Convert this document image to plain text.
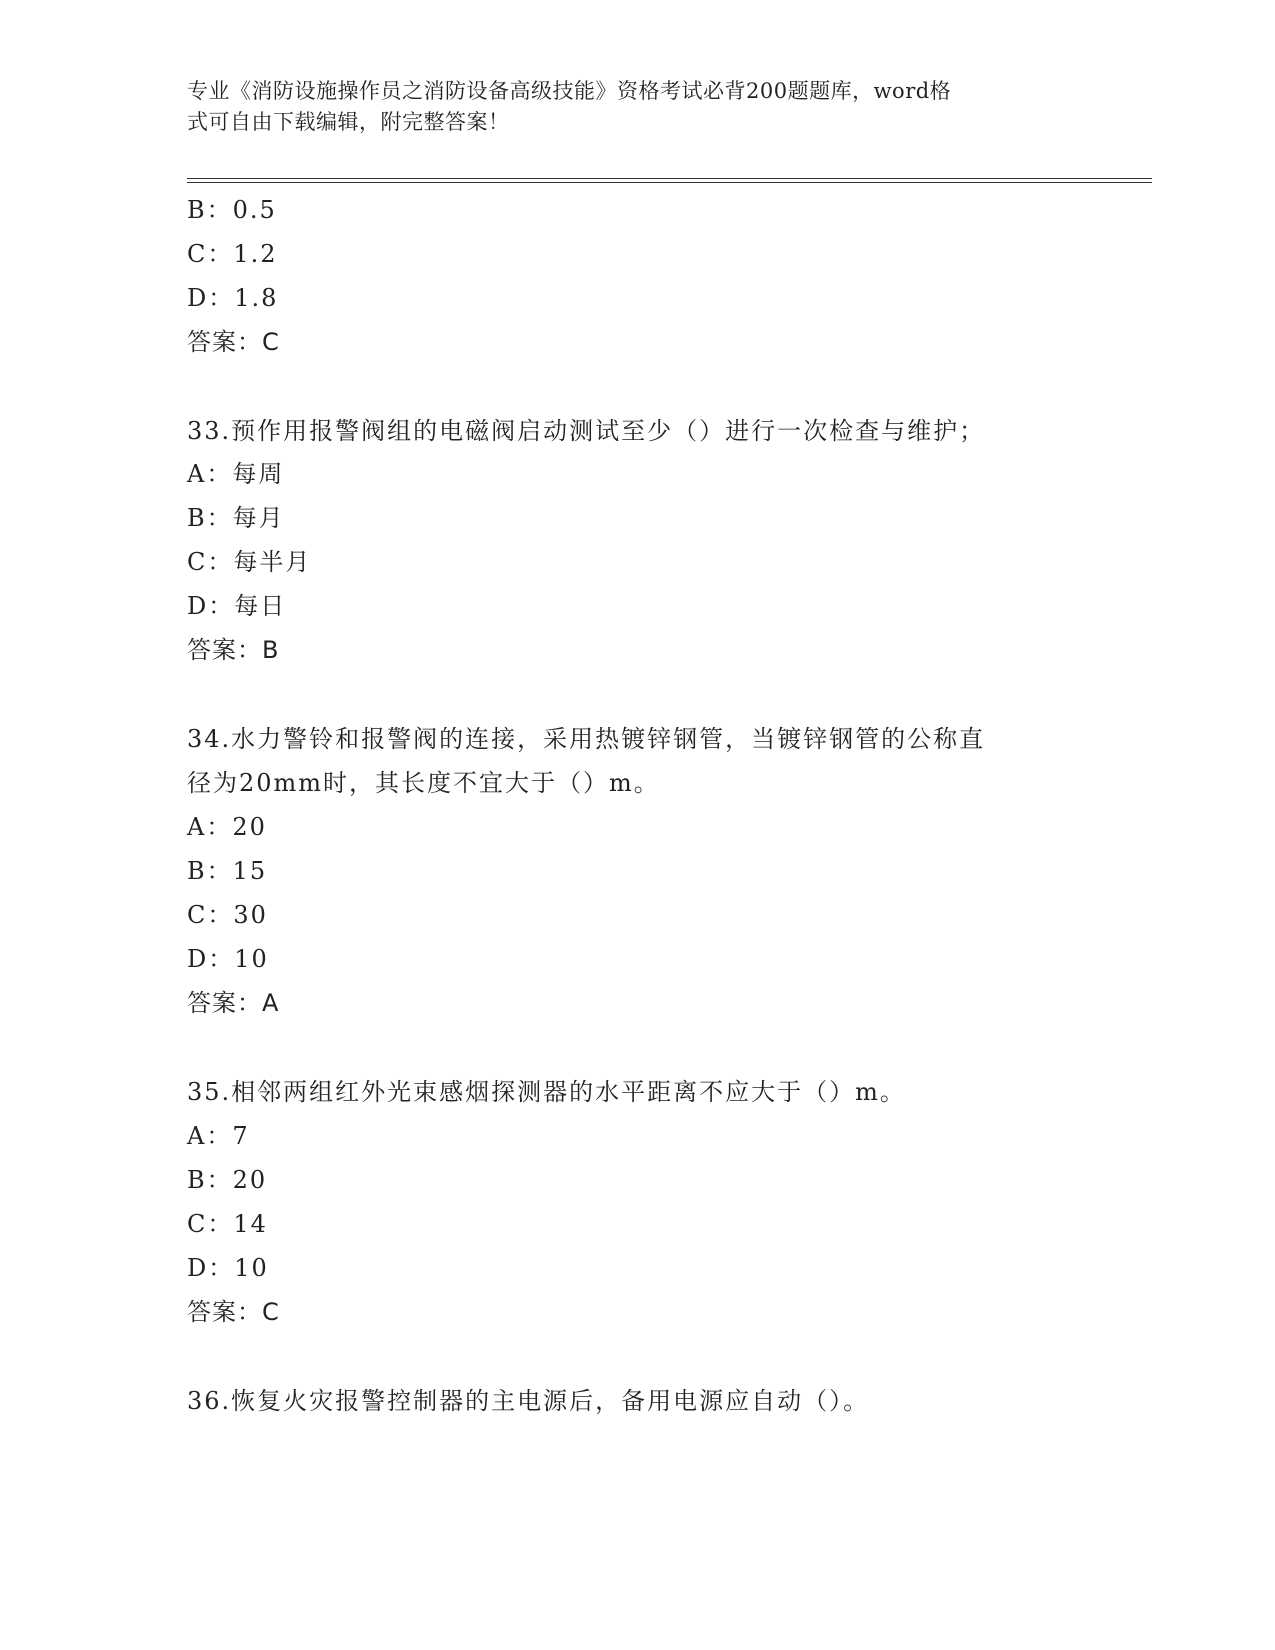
专业《消防设施操作员之消防设备高级技能》资格考试必背200题题库，word格
式可自由下载编辑，附完整答案！
B：0.5
C：1.2
D：1.8
答案：C
33.预作用报警阀组的电磁阀启动测试至少（）进行一次检查与维护；
A：每周
B：每月
C：每半月
D：每日
答案：B
34.水力警铃和报警阀的连接，采用热镀锌钢管，当镀锌钢管的公称直
径为20mm时，其长度不宜大于（）m。
A：20
B：15
C：30
D：10
答案：A
35.相邻两组红外光束感烟探测器的水平距离不应大于（）m。
A：7
B：20
C：14
D：10
答案：C
36.恢复火灾报警控制器的主电源后，备用电源应自动（）。
